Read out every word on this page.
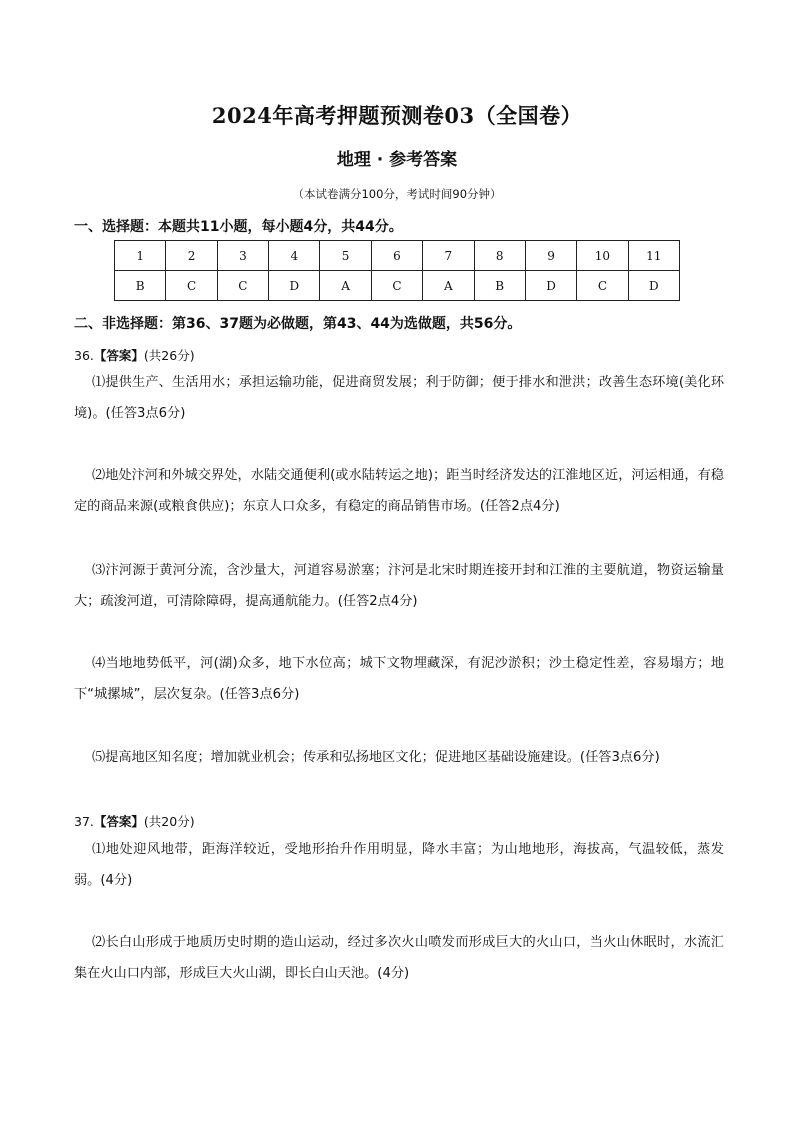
2024年高考押题预测卷03（全国卷）
地理 · 参考答案
（本试卷满分100分，考试时间90分钟）
一、选择题：本题共11小题，每小题4分，共44分。
1	2	3	4	5	6	7	8	9	10	11
B	C	C	D	A	C	A	B	D	C	D
二、非选择题：第36、37题为必做题，第43、44为选做题，共56分。
36.【答案】(共26分)
⑴提供生产、生活用水；承担运输功能，促进商贸发展；利于防御；便于排水和泄洪；改善生态环境(美化环境)。(任答3点6分)
⑵地处汴河和外城交界处，水陆交通便利(或水陆转运之地)；距当时经济发达的江淮地区近，河运相通，有稳定的商品来源(或粮食供应)；东京人口众多，有稳定的商品销售市场。(任答2点4分)
⑶汴河源于黄河分流，含沙量大，河道容易淤塞；汴河是北宋时期连接开封和江淮的主要航道，物资运输量大；疏浚河道，可清除障碍，提高通航能力。(任答2点4分)
⑷当地地势低平，河(湖)众多，地下水位高；城下文物埋藏深，有泥沙淤积；沙土稳定性差，容易塌方；地下“城摞城”，层次复杂。(任答3点6分)
⑸提高地区知名度；增加就业机会；传承和弘扬地区文化；促进地区基础设施建设。(任答3点6分)
37.【答案】(共20分)
⑴地处迎风地带，距海洋较近，受地形抬升作用明显，降水丰富；为山地地形，海拔高，气温较低，蒸发弱。(4分)
⑵长白山形成于地质历史时期的造山运动，经过多次火山喷发而形成巨大的火山口，当火山休眠时，水流汇集在火山口内部，形成巨大火山湖，即长白山天池。(4分)
